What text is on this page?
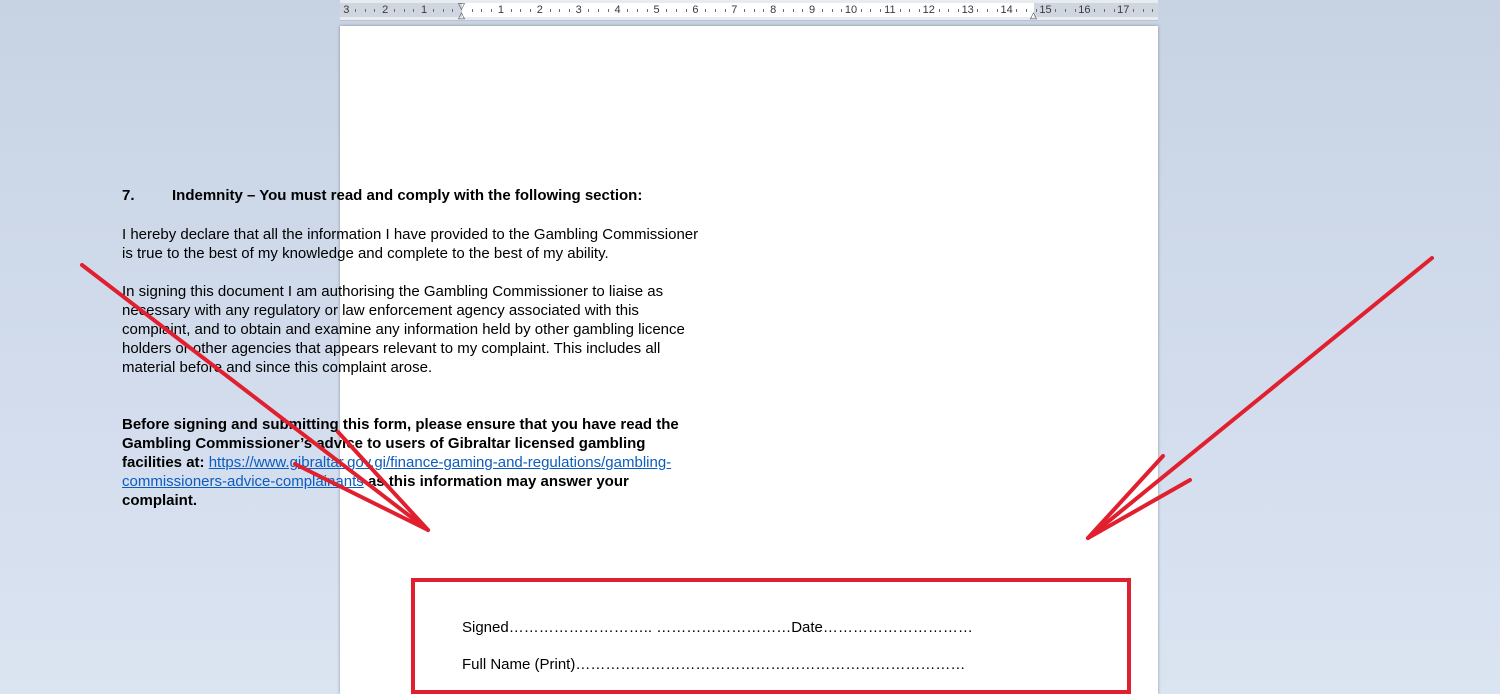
3	2	1	1	2	3	4	5	6	7	8	9	10 11 12 13 14 15 16 17
▽
△	△

7. Indemnity – You must read and comply with the following section:

I hereby declare that all the information I have provided to the Gambling Commissioner is true to the best of my knowledge and complete to the best of my ability.

In signing this document I am authorising the Gambling Commissioner to liaise as necessary with any regulatory or law enforcement agency associated with this complaint, and to obtain and examine any information held by other gambling licence holders or other agencies that appears relevant to my complaint. This includes all material before and since this complaint arose.

Before signing and submitting this form, please ensure that you have read the Gambling Commissioner’s advice to users of Gibraltar licensed gambling facilities at: https://www.gibraltar.gov.gi/finance-gaming-and-regulations/gambling-commissioners-advice-complainants as this information may answer your complaint.

Signed……………………….. ………………………Date…………………………
Full Name (Print)……………………………………………………………………
